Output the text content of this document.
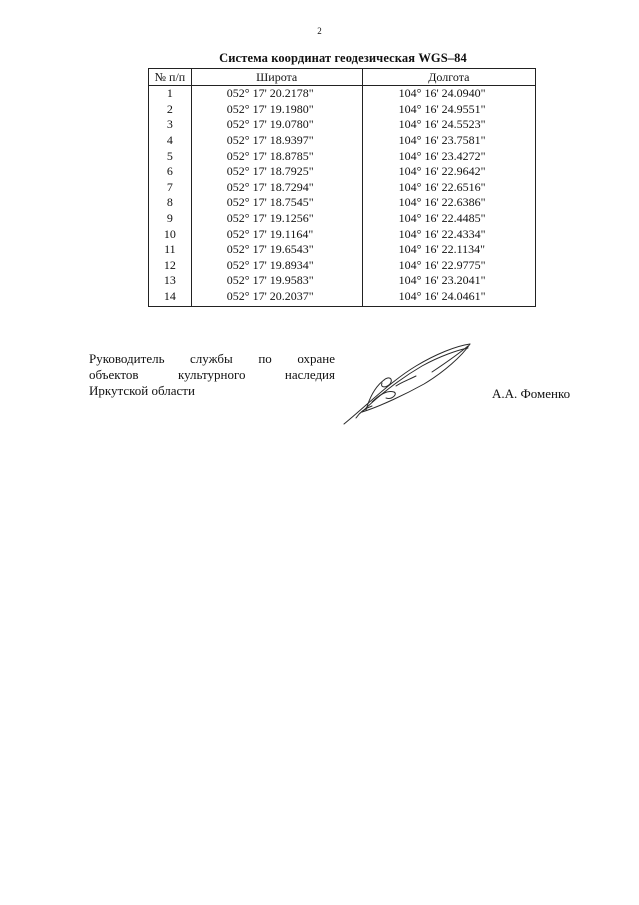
2
Система координат геодезическая WGS–84
№ п/п	Широта	Долгота
1	052° 17' 20.2178"	104° 16' 24.0940"
2	052° 17' 19.1980"	104° 16' 24.9551"
3	052° 17' 19.0780"	104° 16' 24.5523"
4	052° 17' 18.9397"	104° 16' 23.7581"
5	052° 17' 18.8785"	104° 16' 23.4272"
6	052° 17' 18.7925"	104° 16' 22.9642"
7	052° 17' 18.7294"	104° 16' 22.6516"
8	052° 17' 18.7545"	104° 16' 22.6386"
9	052° 17' 19.1256"	104° 16' 22.4485"
10	052° 17' 19.1164"	104° 16' 22.4334"
11	052° 17' 19.6543"	104° 16' 22.1134"
12	052° 17' 19.8934"	104° 16' 22.9775"
13	052° 17' 19.9583"	104° 16' 23.2041"
14	052° 17' 20.2037"	104° 16' 24.0461"
Руководитель службы по охране
объектов культурного наследия
Иркутской области	А.А. Фоменко
